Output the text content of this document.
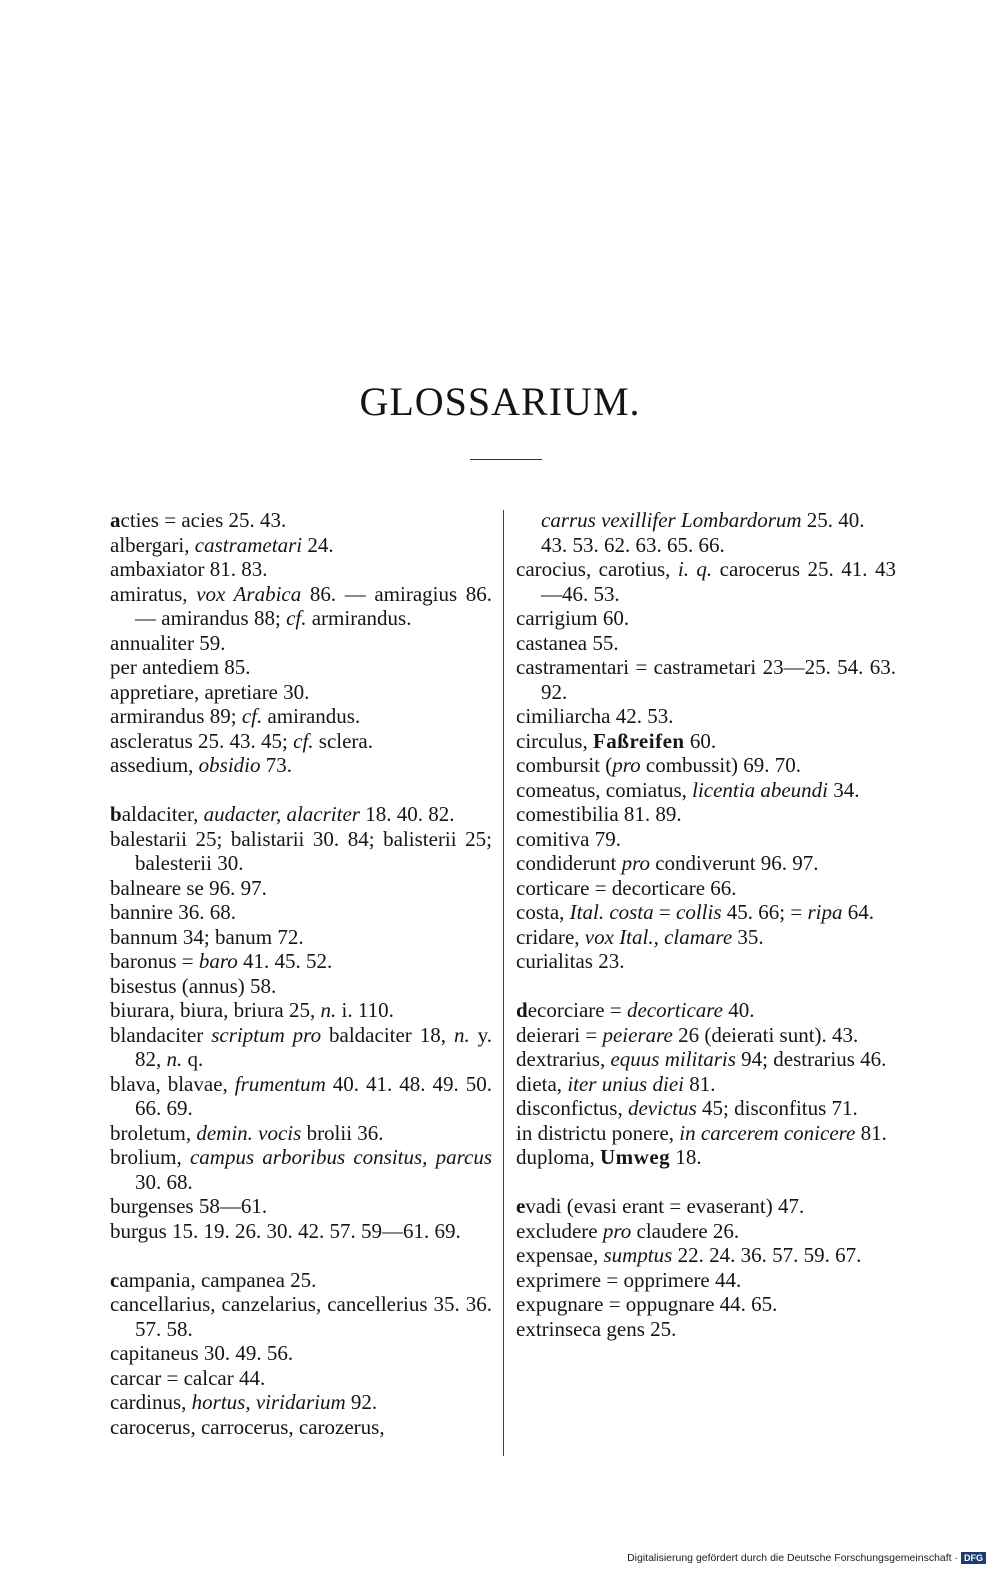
GLOSSARIUM.

acties = acies 25. 43.

albergari, castrametari 24.

ambaxiator 81. 83.

amiratus, vox Arabica 86. — amiragius 86. — amirandus 88; cf. armirandus.

annualiter 59.

per antediem 85.

appretiare, apretiare 30.

armirandus 89; cf. amirandus.

ascleratus 25. 43. 45; cf. sclera.

assedium, obsidio 73.

baldaciter, audacter, alacriter 18. 40. 82.

balestarii 25; balistarii 30. 84; balisterii 25; balesterii 30.

balneare se 96. 97.

bannire 36. 68.

bannum 34; banum 72.

baronus = baro 41. 45. 52.

bisestus (annus) 58.

biurara, biura, briura 25, n. i. 110.

blandaciter scriptum pro baldaciter 18, n. y. 82, n. q.

blava, blavae, frumentum 40. 41. 48. 49. 50. 66. 69.

broletum, demin. vocis brolii 36.

brolium, campus arboribus consitus, parcus 30. 68.

burgenses 58—61.

burgus 15. 19. 26. 30. 42. 57. 59—61. 69.

campania, campanea 25.

cancellarius, canzelarius, cancellerius 35. 36. 57. 58.

capitaneus 30. 49. 56.

carcar = calcar 44.

cardinus, hortus, viridarium 92.

carocerus, carrocerus, carozerus,

carrus vexillifer Lombardorum 25. 40. 43. 53. 62. 63. 65. 66.

carocius, carotius, i. q. carocerus 25. 41. 43—46. 53.

carrigium 60.

castanea 55.

castramentari = castrametari 23—25. 54. 63. 92.

cimiliarcha 42. 53.

circulus, Faßreifen 60.

combursit (pro combussit) 69. 70.

comeatus, comiatus, licentia abeundi 34.

comestibilia 81. 89.

comitiva 79.

condiderunt pro condiverunt 96. 97.

corticare = decorticare 66.

costa, Ital. costa = collis 45. 66; = ripa 64.

cridare, vox Ital., clamare 35.

curialitas 23.

decorciare = decorticare 40.

deierari = peierare 26 (deierati sunt). 43.

dextrarius, equus militaris 94; destrarius 46.

dieta, iter unius diei 81.

disconfictus, devictus 45; disconfitus 71.

in districtu ponere, in carcerem conicere 81.

duploma, Umweg 18.

evadi (evasi erant = evaserant) 47.

excludere pro claudere 26.

expensae, sumptus 22. 24. 36. 57. 59. 67.

exprimere = opprimere 44.

expugnare = oppugnare 44. 65.

extrinseca gens 25.

Digitalisierung gefördert durch die Deutsche Forschungsgemeinschaft · DFG
